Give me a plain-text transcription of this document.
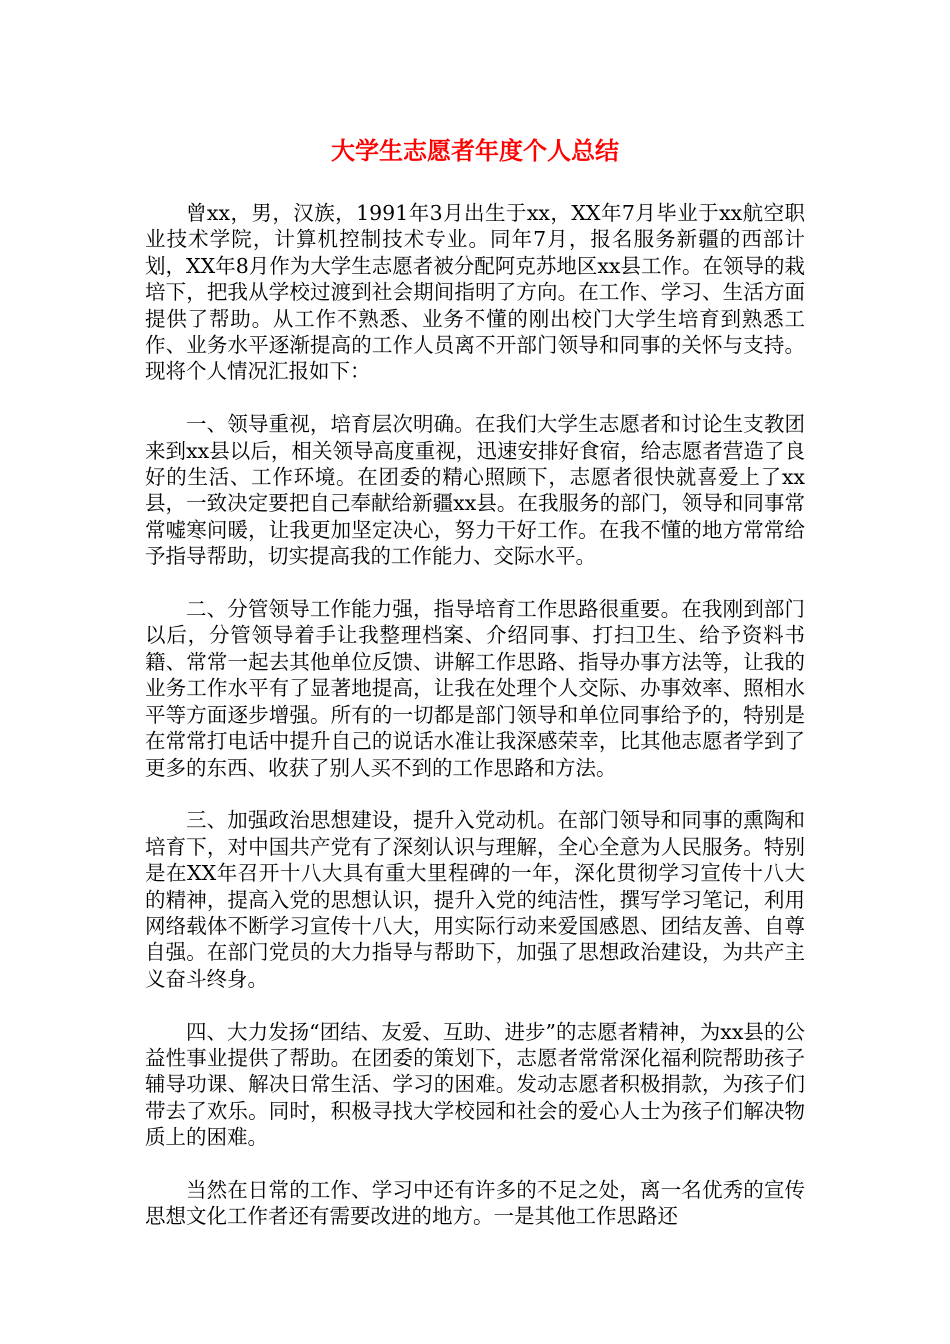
大学生志愿者年度个人总结

曾xx，男，汉族，1991年3月出生于xx，XX年7月毕业于xx航空职业技术学院，计算机控制技术专业。同年7月，报名服务新疆的西部计划，XX年8月作为大学生志愿者被分配阿克苏地区xx县工作。在领导的栽培下，把我从学校过渡到社会期间指明了方向。在工作、学习、生活方面提供了帮助。从工作不熟悉、业务不懂的刚出校门大学生培育到熟悉工作、业务水平逐渐提高的工作人员离不开部门领导和同事的关怀与支持。现将个人情况汇报如下：

一、领导重视，培育层次明确。在我们大学生志愿者和讨论生支教团来到xx县以后，相关领导高度重视，迅速安排好食宿，给志愿者营造了良好的生活、工作环境。在团委的精心照顾下，志愿者很快就喜爱上了xx县，一致决定要把自己奉献给新疆xx县。在我服务的部门，领导和同事常常嘘寒问暖，让我更加坚定决心，努力干好工作。在我不懂的地方常常给予指导帮助，切实提高我的工作能力、交际水平。

二、分管领导工作能力强，指导培育工作思路很重要。在我刚到部门以后，分管领导着手让我整理档案、介绍同事、打扫卫生、给予资料书籍、常常一起去其他单位反馈、讲解工作思路、指导办事方法等，让我的业务工作水平有了显著地提高，让我在处理个人交际、办事效率、照相水平等方面逐步增强。所有的一切都是部门领导和单位同事给予的，特别是在常常打电话中提升自己的说话水准让我深感荣幸，比其他志愿者学到了更多的东西、收获了别人买不到的工作思路和方法。

三、加强政治思想建设，提升入党动机。在部门领导和同事的熏陶和培育下，对中国共产党有了深刻认识与理解，全心全意为人民服务。特别是在XX年召开十八大具有重大里程碑的一年，深化贯彻学习宣传十八大的精神，提高入党的思想认识，提升入党的纯洁性，撰写学习笔记，利用网络载体不断学习宣传十八大，用实际行动来爱国感恩、团结友善、自尊自强。在部门党员的大力指导与帮助下，加强了思想政治建设，为共产主义奋斗终身。

四、大力发扬“团结、友爱、互助、进步”的志愿者精神，为xx县的公益性事业提供了帮助。在团委的策划下，志愿者常常深化福利院帮助孩子辅导功课、解决日常生活、学习的困难。发动志愿者积极捐款，为孩子们带去了欢乐。同时，积极寻找大学校园和社会的爱心人士为孩子们解决物质上的困难。

当然在日常的工作、学习中还有许多的不足之处，离一名优秀的宣传思想文化工作者还有需要改进的地方。一是其他工作思路还
